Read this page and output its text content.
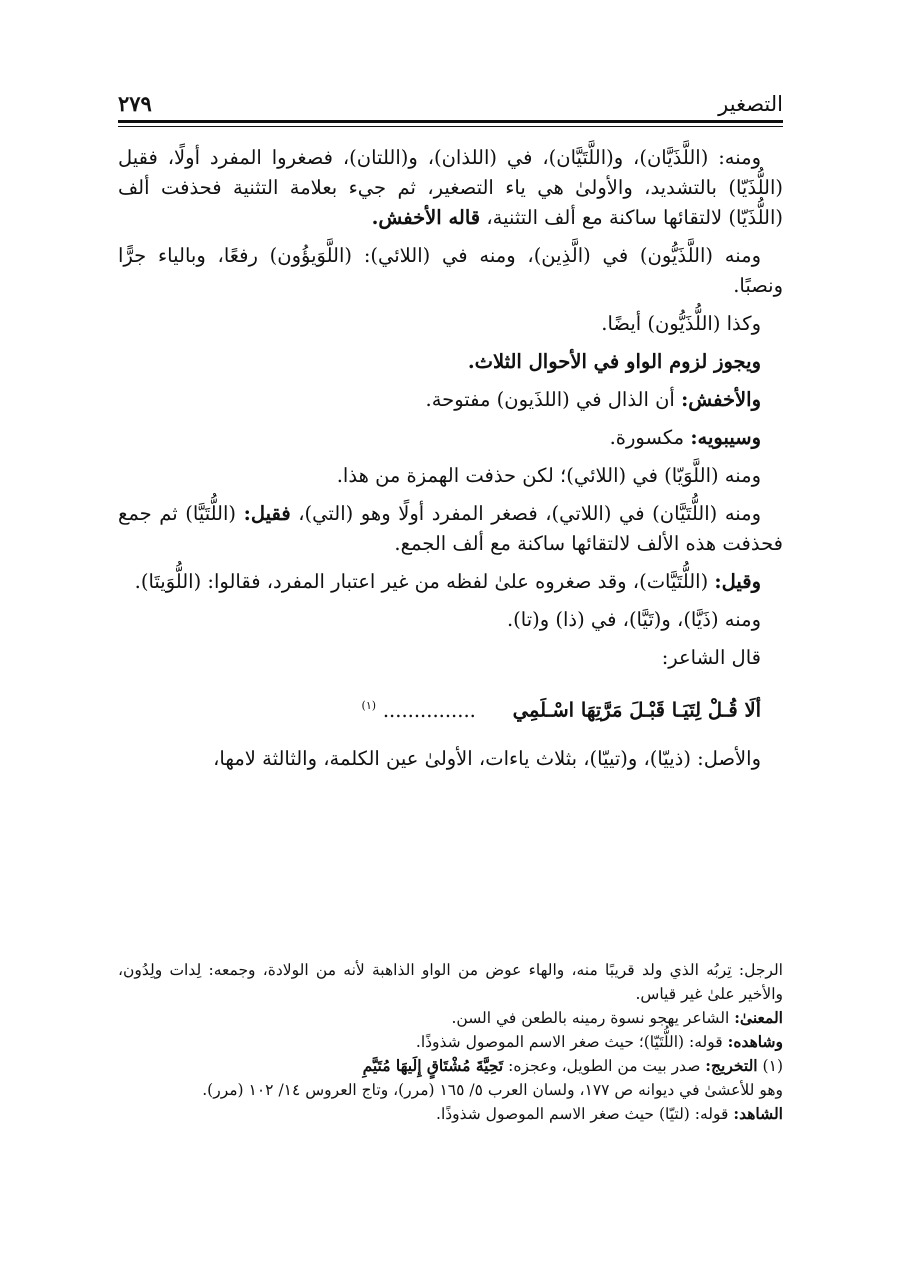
التصغير
٢٧٩

ومنه: (اللَّذَيَّان)، و(اللَّتَيَّان)، في (اللذان)، و(اللتان)، فصغروا المفرد أولًا، فقيل (اللُّذَيّا) بالتشديد، والأولىٰ هي ياء التصغير، ثم جيء بعلامة التثنية فحذفت ألف (اللُّذَيّا) لالتقائها ساكنة مع ألف التثنية، قاله الأخفش.

ومنه (اللَّذَيُّون) في (الَّذِين)، ومنه في (اللائي): (اللَّوَيؤُون) رفعًا، وبالياء جرًّا ونصبًا.

وكذا (اللُّذَيُّون) أيضًا.

ويجوز لزوم الواو في الأحوال الثلاث.

والأخفش: أن الذال في (اللذَيون) مفتوحة.

وسيبويه: مكسورة.

ومنه (اللَّوَيّا) في (اللائي)؛ لكن حذفت الهمزة من هذا.

ومنه (اللُّتَيَّان) في (اللاتي)، فصغر المفرد أولًا وهو (التي)، فقيل: (اللُّتَيَّا) ثم جمع فحذفت هذه الألف لالتقائها ساكنة مع ألف الجمع.

وقيل: (اللُّتَيَّات)، وقد صغروه علىٰ لفظه من غير اعتبار المفرد، فقالوا: (اللُّوَيتَا).

ومنه (ذَيَّا)، و(تَيَّا)، في (ذا) و(تا).

قال الشاعر:

ألَا قُـلْ لِتَيَـا قَبْـلَ مَرَّتِهَا اسْـلَمِي ............... $^{(١)}$

والأصل: (ذييّا)، و(تييّا)، بثلاث ياءات، الأولىٰ عين الكلمة، والثالثة لامها،

الرجل: تِربُه الذي ولد قريبًا منه، والهاء عوض من الواو الذاهبة لأنه من الولادة، وجمعه: لِدات ولِدُون، والأخير علىٰ غير قياس.

المعنىٰ: الشاعر يهجو نسوة رمينه بالطعن في السن.

وشاهده: قوله: (اللُّتَيّا)؛ حيث صغر الاسم الموصول شذوذًا.

(١) التخريج: صدر بيت من الطويل، وعجزه: تَحِيَّةَ مُشْتَاقٍ إِلَيهَا مُتَيَّمِ

وهو للأعشىٰ في ديوانه ص ١٧٧، ولسان العرب ٥/ ١٦٥ (مرر)، وتاج العروس ١٤/ ١٠٢ (مرر).

الشاهد: قوله: (لتيّا) حيث صغر الاسم الموصول شذوذًا.
